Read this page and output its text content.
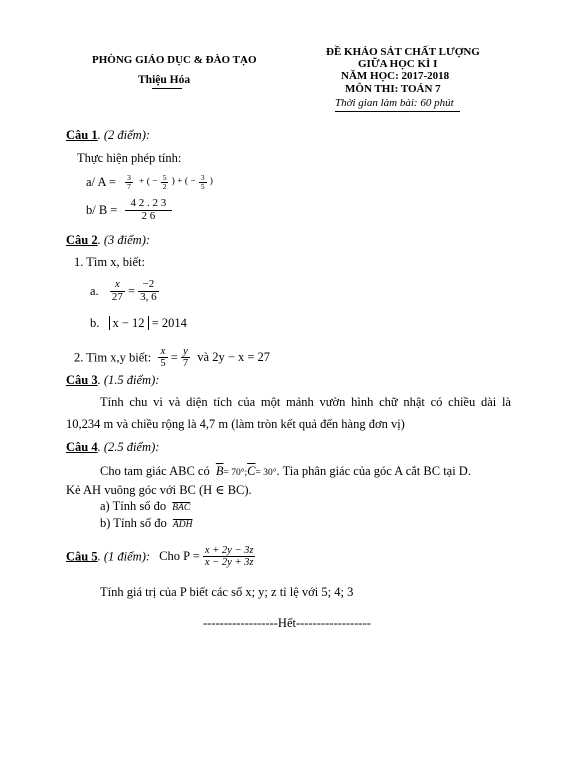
PHÒNG GIÁO DỤC & ĐÀO TẠO
Thiệu Hóa
ĐỀ KHẢO SÁT CHẤT LƯỢNG
GIỮA HỌC KÌ I
NĂM HỌC: 2017-2018
MÔN THI: TOÁN 7
Thời gian làm bài: 60 phút
Câu 1. (2 điểm):
Thực hiện phép tính:
a/ $A = \frac{3}{7}$ + ( − $\frac{5}{2}$ ) + ( − $\frac{3}{5}$ )
b/ $B = \frac{4 2 . 2 3}{2 6}$
Câu 2. (3 điểm):
1. Tìm x, biết:
a. $\frac{x}{27} = \frac{-2}{3, 6}$
b. x − 12 = 2014
2. Tìm x,y biết: $\frac{x}{5} = \frac{y}{7}$ và 2y − x = 27
Câu 3. (1.5 điểm):
Tính chu vi và diện tích của một mảnh vườn hình chữ nhật có chiều dài là
10,234 m và chiều rộng là 4,7 m (làm tròn kết quả đến hàng đơn vị)
Câu 4. (2.5 điểm):
Cho tam giác ABC có $\overline{B}=$ $70^\circ;\overline{C}= 30^\circ$. Tia phân giác của góc A cắt BC tại D.
Kẻ AH vuông góc với BC (H ∈ BC).
a) Tính số đo $\overline{BAC}$
b) Tính số đo $\overline{ADH}$
Câu 5. (1 điểm): Cho $P = \frac{x + 2y - 3z}{x - 2y + 3z}$
Tính giá trị của P biết các số x; y; z tỉ lệ với 5; 4; 3
------------------Hết------------------
